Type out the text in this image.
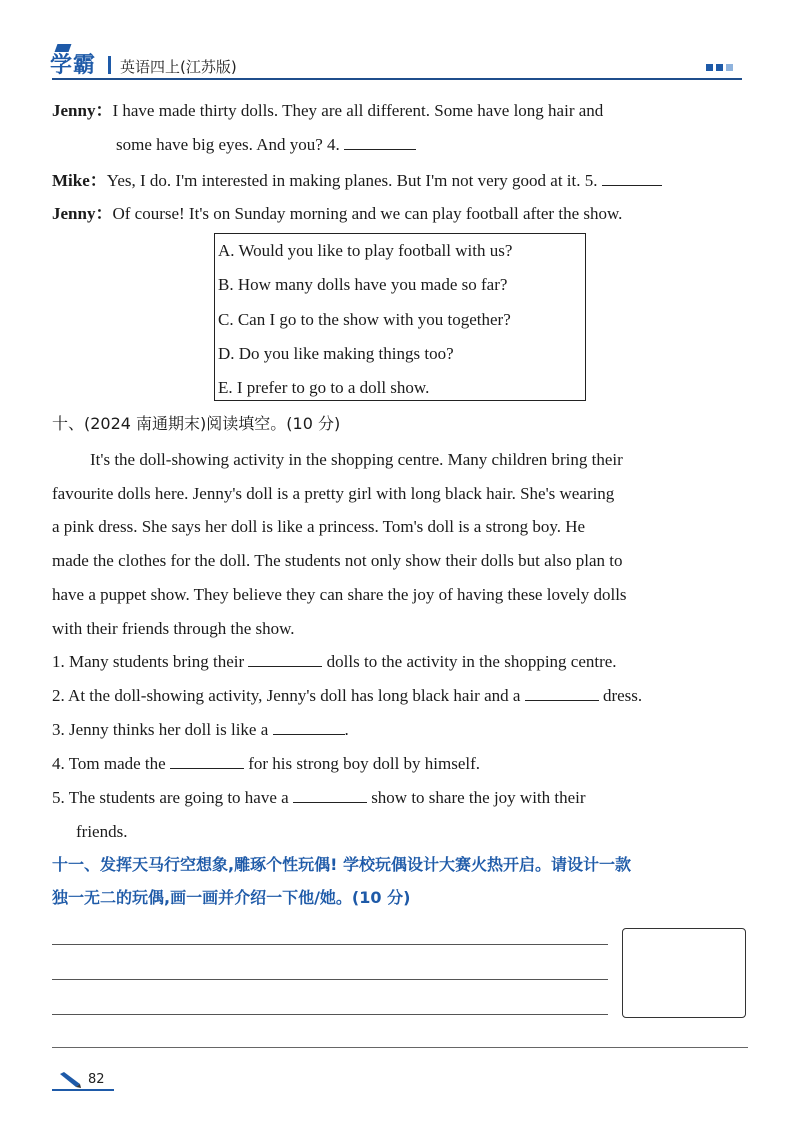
学霸 英语四上(江苏版)
Jenny：I have made thirty dolls. They are all different. Some have long hair and
some have big eyes. And you? 4.
Mike：Yes, I do. I'm interested in making planes. But I'm not very good at it. 5.
Jenny：Of course! It's on Sunday morning and we can play football after the show.
A. Would you like to play football with us?
B. How many dolls have you made so far?
C. Can I go to the show with you together?
D. Do you like making things too?
E. I prefer to go to a doll show.
十、(2024 南通期末)阅读填空。(10 分)
It's the doll-showing activity in the shopping centre. Many children bring their
favourite dolls here. Jenny's doll is a pretty girl with long black hair. She's wearing
a pink dress. She says her doll is like a princess. Tom's doll is a strong boy. He
made the clothes for the doll. The students not only show their dolls but also plan to
have a puppet show. They believe they can share the joy of having these lovely dolls
with their friends through the show.
1. Many students bring their	dolls to the activity in the shopping centre.
2. At the doll-showing activity, Jenny's doll has long black hair and a	dress.
3. Jenny thinks her doll is like a	.
4. Tom made the	for his strong boy doll by himself.
5. The students are going to have a	show to share the joy with their
friends.
十一、发挥天马行空想象,雕琢个性玩偶! 学校玩偶设计大赛火热开启。请设计一款
独一无二的玩偶,画一画并介绍一下他/她。(10 分)
82
